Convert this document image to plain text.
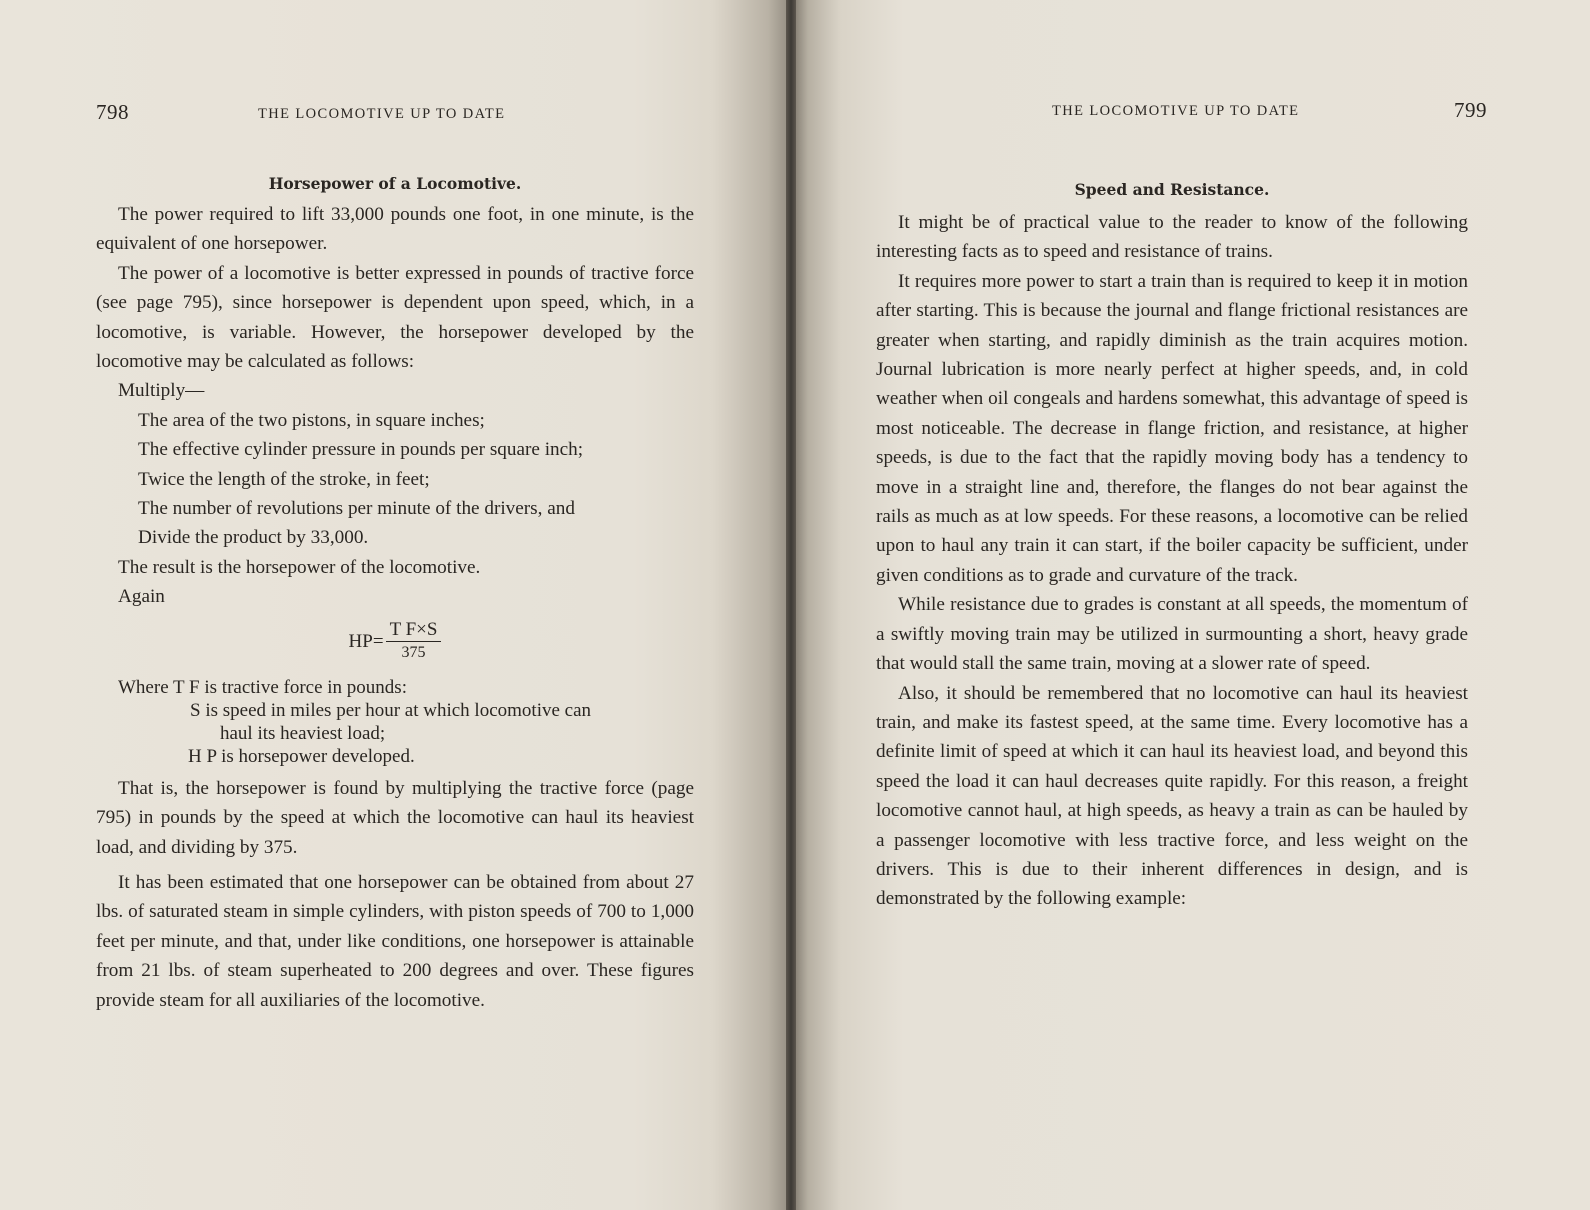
798	THE LOCOMOTIVE UP TO DATE
Horsepower of a Locomotive.

The power required to lift 33,000 pounds one foot, in one minute, is the equivalent of one horsepower.

The power of a locomotive is better expressed in pounds of tractive force (see page 795), since horsepower is dependent upon speed, which, in a locomotive, is variable. However, the horsepower developed by the locomotive may be calculated as follows:

Multiply—

The area of the two pistons, in square inches;

The effective cylinder pressure in pounds per square inch;

Twice the length of the stroke, in feet;

The number of revolutions per minute of the drivers, and

Divide the product by 33,000.

The result is the horsepower of the locomotive.

Again

$HP= \frac{\text{T F×S}}{375}$

Where T F is tractive force in pounds:

S is speed in miles per hour at which locomotive can

haul its heaviest load;

H P is horsepower developed.

That is, the horsepower is found by multiplying the tractive force (page 795) in pounds by the speed at which the locomotive can haul its heaviest load, and dividing by 375.

It has been estimated that one horsepower can be obtained from about 27 lbs. of saturated steam in simple cylinders, with piston speeds of 700 to 1,000 feet per minute, and that, under like conditions, one horsepower is attainable from 21 lbs. of steam superheated to 200 degrees and over. These figures provide steam for all auxiliaries of the locomotive.

THE LOCOMOTIVE UP TO DATE	799
Speed and Resistance.

It might be of practical value to the reader to know of the following interesting facts as to speed and resistance of trains.

It requires more power to start a train than is required to keep it in motion after starting. This is because the journal and flange frictional resistances are greater when starting, and rapidly diminish as the train acquires motion. Journal lubrication is more nearly perfect at higher speeds, and, in cold weather when oil congeals and hardens somewhat, this advantage of speed is most noticeable. The decrease in flange friction, and resistance, at higher speeds, is due to the fact that the rapidly moving body has a tendency to move in a straight line and, therefore, the flanges do not bear against the rails as much as at low speeds. For these reasons, a locomotive can be relied upon to haul any train it can start, if the boiler capacity be sufficient, under given conditions as to grade and curvature of the track.

While resistance due to grades is constant at all speeds, the momentum of a swiftly moving train may be utilized in surmounting a short, heavy grade that would stall the same train, moving at a slower rate of speed.

Also, it should be remembered that no locomotive can haul its heaviest train, and make its fastest speed, at the same time. Every locomotive has a definite limit of speed at which it can haul its heaviest load, and beyond this speed the load it can haul decreases quite rapidly. For this reason, a freight locomotive cannot haul, at high speeds, as heavy a train as can be hauled by a passenger locomotive with less tractive force, and less weight on the drivers. This is due to their inherent differences in design, and is demonstrated by the following example:
